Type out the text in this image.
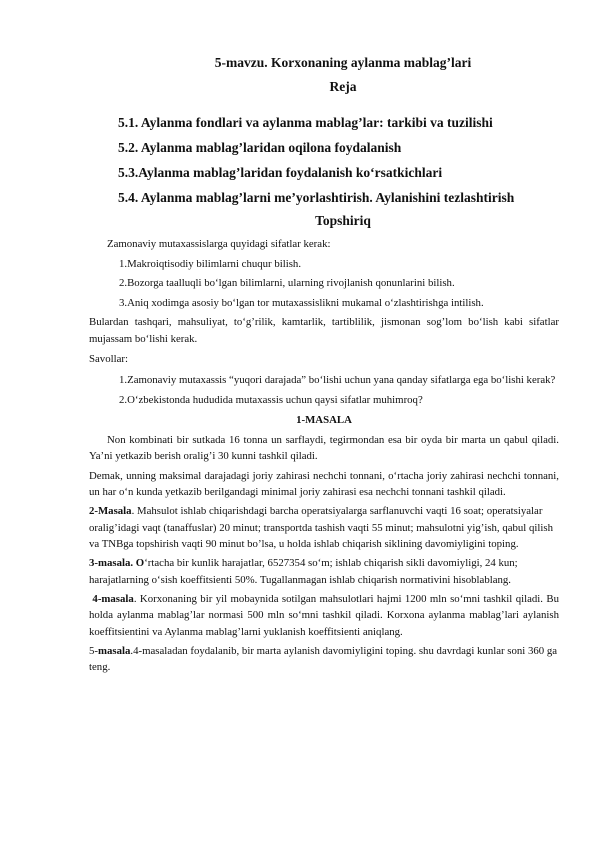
5-mavzu. Korxonaning aylanma mablag’lari
Reja
5.1. Aylanma fondlari va aylanma mablag’lar: tarkibi va tuzilishi
5.2. Aylanma mablag’laridan oqilona foydalanish
5.3.Aylanma mablag’laridan foydalanish ko‘rsatkichlari
5.4. Aylanma mablag’larni me’yorlashtirish. Aylanishini tezlashtirish
Topshiriq

Zamonaviy mutaxassislarga quyidagi sifatlar kerak:

1.Makroiqtisodiy bilimlarni chuqur bilish.

2.Bozorga taalluqli bo‘lgan bilimlarni, ularning rivojlanish qonunlarini bilish.

3.Aniq xodimga asosiy bo‘lgan tor mutaxassislikni mukamal o‘zlashtirishga intilish.

Bulardan tashqari, mahsuliyat, to‘g’rilik, kamtarlik, tartiblilik, jismonan sog’lom bo‘lish kabi sifatlar mujassam bo‘lishi kerak.

Savollar:

1.Zamonaviy mutaxassis “yuqori darajada” bo‘lishi uchun yana qanday sifatlarga ega bo‘lishi kerak?

2.O‘zbekistonda hududida mutaxassis uchun qaysi sifatlar muhimroq?

1-MASALA

Non kombinati bir sutkada 16 tonna un sarflaydi, tegirmondan esa bir oyda bir marta un qabul qiladi. Ya’ni yetkazib berish oralig’i 30 kunni tashkil qiladi.

Demak, unning maksimal darajadagi joriy zahirasi nechchi tonnani, o‘rtacha joriy zahirasi nechchi tonnani, un har o‘n kunda yetkazib berilgandagi minimal joriy zahirasi esa nechchi tonnani tashkil qiladi.

2-Masala. Mahsulot ishlab chiqarishdagi barcha operatsiyalarga sarflanuvchi vaqti 16 soat; operatsiyalar oralig’idagi vaqt (tanaffuslar) 20 minut; transportda tashish vaqti 55 minut; mahsulotni yig’ish, qabul qilish va TNBga topshirish vaqti 90 minut bo’lsa, u holda ishlab chiqarish siklining davomiyligini toping.

3-masala. O‘rtacha bir kunlik harajatlar, 6527354 so‘m; ishlab chiqarish sikli davomiyligi, 24 kun; harajatlarning o‘sish koeffitsienti 50%. Tugallanmagan ishlab chiqarish normativini hisoblablang.

4-masala. Korxonaning bir yil mobaynida sotilgan mahsulotlari hajmi 1200 mln so‘mni tashkil qiladi. Bu holda aylanma mablag’lar normasi 500 mln so‘mni tashkil qiladi. Korxona aylanma mablag’lari aylanish koeffitsientini va Aylanma mablag’larni yuklanish koeffitsienti aniqlang.

5-masala.4-masaladan foydalanib, bir marta aylanish davomiyligini toping. shu davrdagi kunlar soni 360 ga teng.
